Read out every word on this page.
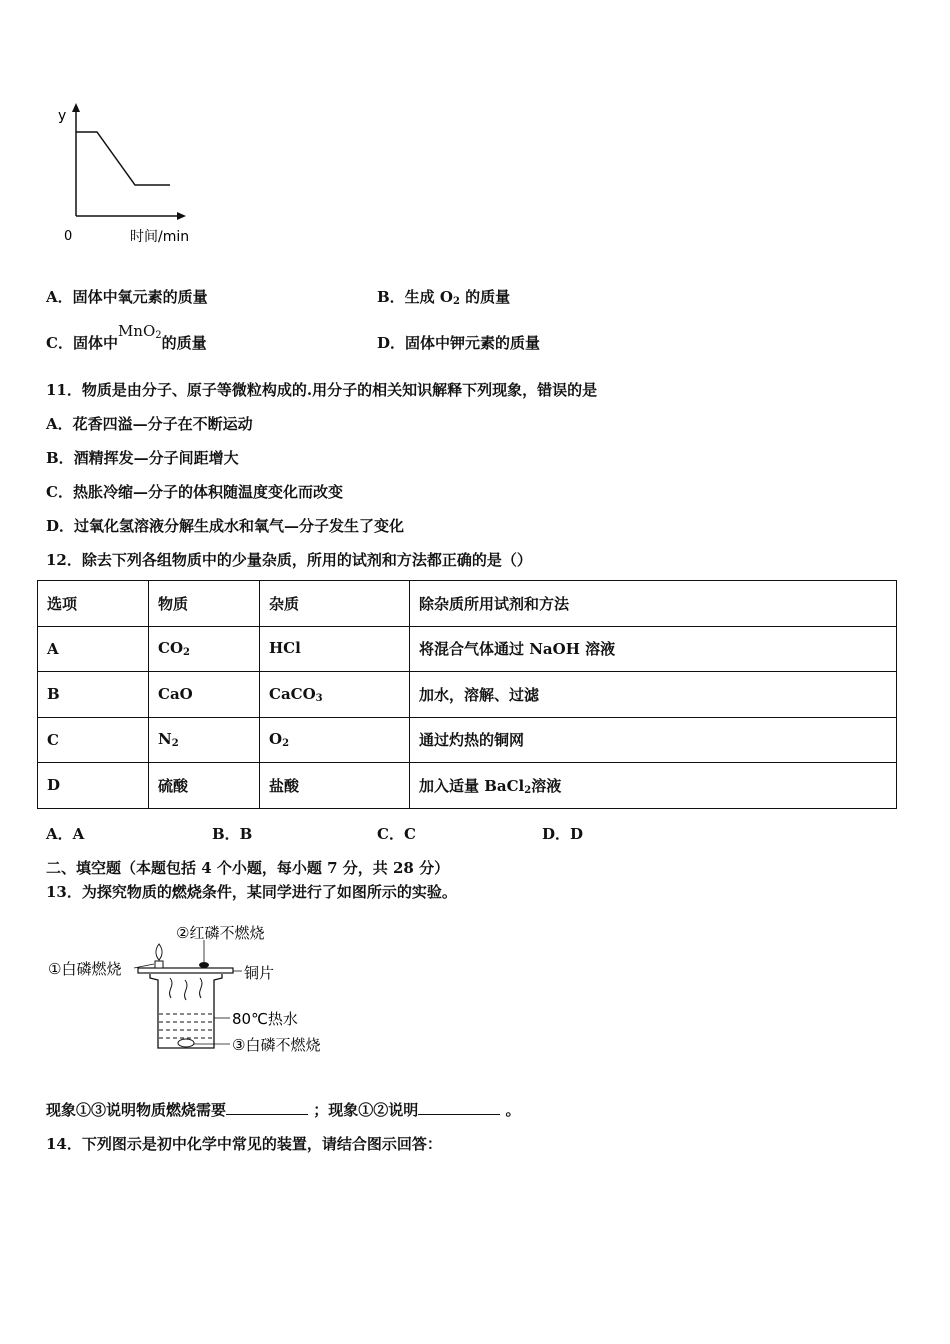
y
0	时间/min
A．固体中氧元素的质量	B．生成 $O_2$ 的质量
C．固体中MnO$_2$的质量	D．固体中钾元素的质量
11．物质是由分子、原子等微粒构成的.用分子的相关知识解释下列现象，错误的是
A．花香四溢—分子在不断运动
B．酒精挥发—分子间距增大
C．热胀冷缩—分子的体积随温度变化而改变
D．过氧化氢溶液分解生成水和氧气—分子发生了变化
12．除去下列各组物质中的少量杂质，所用的试剂和方法都正确的是（）
选项	物质	杂质	除杂质所用试剂和方法
A	$CO_2$	HCl	将混合气体通过 NaOH 溶液
B	CaO	CaCO$_3$	加水，溶解、过滤
C	$N_2$	$O_2$	通过灼热的铜网
D	硫酸	盐酸	加入适量 BaCl$_2$溶液
A．A	B．B	C．C	D．D
二、填空题（本题包括 4 个小题，每小题 7 分，共 28 分）
13．为探究物质的燃烧条件，某同学进行了如图所示的实验。
②红磷不燃烧
①白磷燃烧	铜片
80℃热水
③白磷不燃烧
现象①③说明物质燃烧需要	；现象①②说明	。
14．下列图示是初中化学中常见的装置，请结合图示回答：
